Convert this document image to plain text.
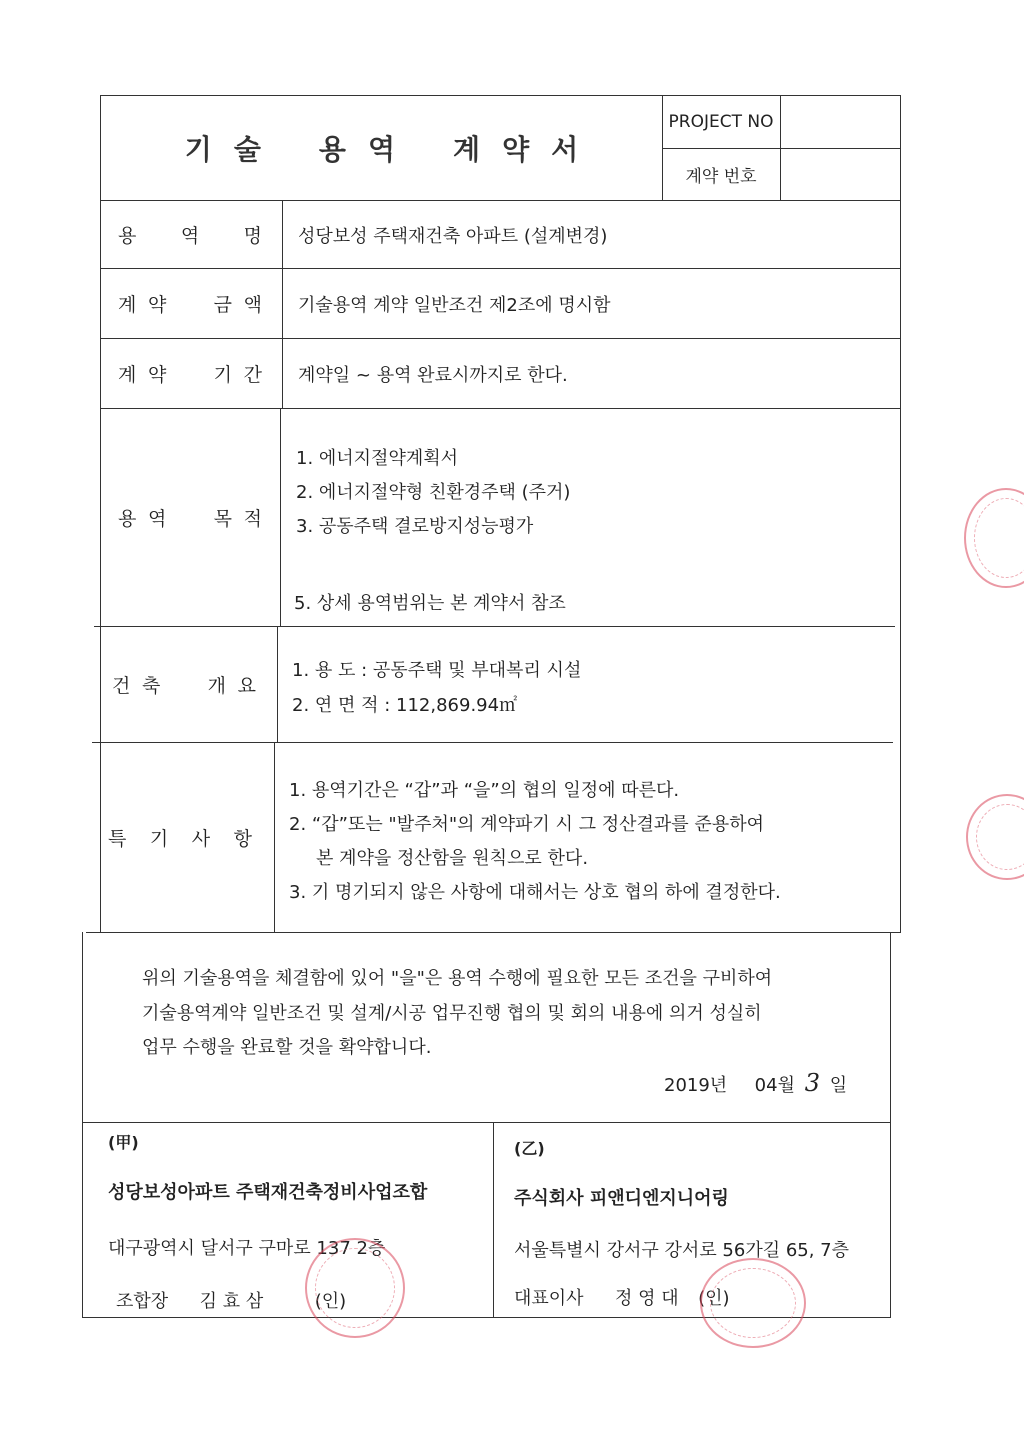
기 술 용 역 계 약 서
PROJECT NO
계약 번호
용 역 명 성당보성 주택재건축 아파트 (설계변경)
계 약 금 액 기술용역 계약 일반조건 제2조에 명시함
계 약 기 간 계약일 ~ 용역 완료시까지로 한다.
용 역 목 적
1. 에너지절약계획서
2. 에너지절약형 친환경주택 (주거)
3. 공동주택 결로방지성능평가
5. 상세 용역범위는 본 계약서 참조
건 축 개 요
1. 용 도 : 공동주택 및 부대복리 시설
2. 연 면 적 : 112,869.94㎡
특 기 사 항
1. 용역기간은 “갑”과 “을”의 협의 일정에 따른다.
2. “갑”또는 "발주처"의 계약파기 시 그 정산결과를 준용하여
본 계약을 정산함을 원칙으로 한다.
3. 기 명기되지 않은 사항에 대해서는 상호 협의 하에 결정한다.
위의 기술용역을 체결함에 있어 "을"은 용역 수행에 필요한 모든 조건을 구비하여
기술용역계약 일반조건 및 설계/시공 업무진행 협의 및 회의 내용에 의거 성실히
업무 수행을 완료할 것을 확약합니다.
2019년 04월 3 일
(甲)
성당보성아파트 주택재건축정비사업조합
대구광역시 달서구 구마로 137 2층
조합장 김 효 삼	(인)
(乙)
주식회사 피앤디엔지니어링
서울특별시 강서구 강서로 56가길 65, 7층
대표이사 정 영 대 (인)
